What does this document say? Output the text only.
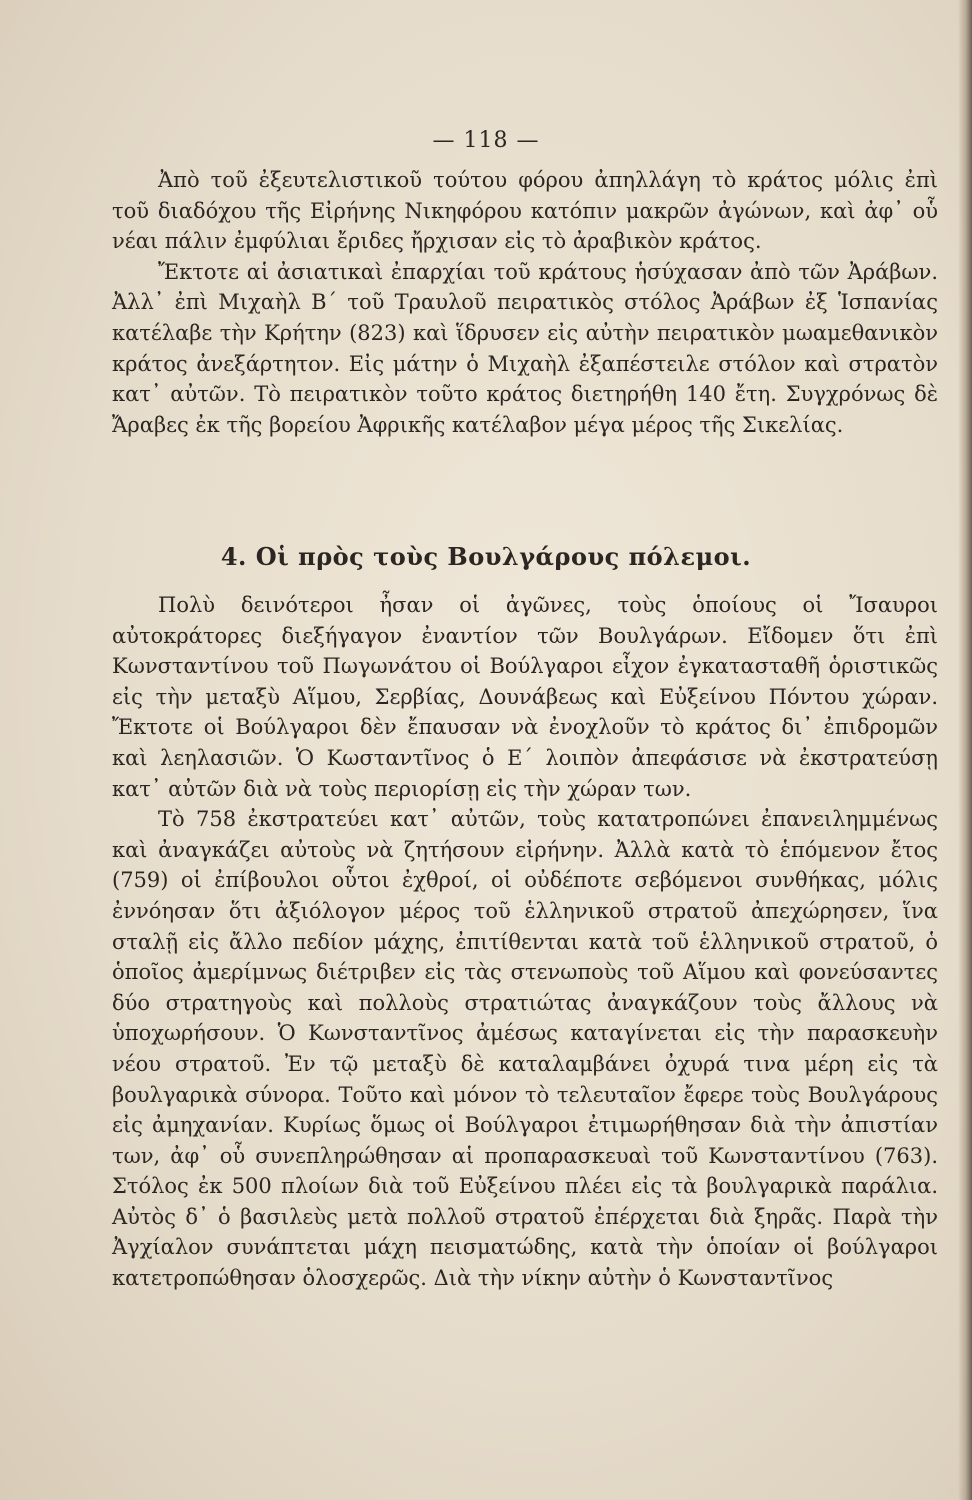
— 118 —

Ἀπὸ τοῦ ἐξευτελιστικοῦ τούτου φόρου ἀπηλλάγη τὸ κράτος μόλις ἐπὶ τοῦ διαδόχου τῆς Εἰρήνης Νικηφόρου κατόπιν μακρῶν ἀγώνων, καὶ ἀφ᾿ οὗ νέαι πάλιν ἐμφύλιαι ἔριδες ἤρχισαν εἰς τὸ ἀραβικὸν κράτος.

Ἔκτοτε αἱ ἀσιατικαὶ ἐπαρχίαι τοῦ κράτους ἡσύχασαν ἀπὸ τῶν Ἀράβων. Ἀλλ᾿ ἐπὶ Μιχαὴλ Β΄ τοῦ Τραυλοῦ πειρατικὸς στόλος Ἀράβων ἐξ Ἱσπανίας κατέλαβε τὴν Κρήτην (823) καὶ ἵδρυσεν εἰς αὐτὴν πειρατικὸν μωαμεθανικὸν κράτος ἀνεξάρτητον. Εἰς μάτην ὁ Μιχαὴλ ἐξαπέστειλε στόλον καὶ στρατὸν κατ᾿ αὐτῶν. Τὸ πειρατικὸν τοῦτο κράτος διετηρήθη 140 ἔτη. Συγχρόνως δὲ Ἄραβες ἐκ τῆς βορείου Ἀφρικῆς κατέλαβον μέγα μέρος τῆς Σικελίας.

4. Οἱ πρὸς τοὺς Βουλγάρους πόλεμοι.

Πολὺ δεινότεροι ἦσαν οἱ ἀγῶνες, τοὺς ὁποίους οἱ Ἴσαυροι αὐτοκράτορες διεξήγαγον ἐναντίον τῶν Βουλγάρων. Εἴδομεν ὅτι ἐπὶ Κωνσταντίνου τοῦ Πωγωνάτου οἱ Βούλγαροι εἶχον ἐγκατασταθῆ ὁριστικῶς εἰς τὴν μεταξὺ Αἵμου, Σερβίας, Δουνάβεως καὶ Εὐξείνου Πόντου χώραν. Ἔκτοτε οἱ Βούλγαροι δὲν ἔπαυσαν νὰ ἐνοχλοῦν τὸ κράτος δι᾿ ἐπιδρομῶν καὶ λεηλασιῶν. Ὁ Κωσταντῖνος ὁ Ε΄ λοιπὸν ἀπεφάσισε νὰ ἐκστρατεύσῃ κατ᾿ αὐτῶν διὰ νὰ τοὺς περιορίσῃ εἰς τὴν χώραν των.

Τὸ 758 ἐκστρατεύει κατ᾿ αὐτῶν, τοὺς κατατροπώνει ἐπανειλημμένως καὶ ἀναγκάζει αὐτοὺς νὰ ζητήσουν εἰρήνην. Ἀλλὰ κατὰ τὸ ἑπόμενον ἔτος (759) οἱ ἐπίβουλοι οὗτοι ἐχθροί, οἱ οὐδέποτε σεβόμενοι συνθήκας, μόλις ἐννόησαν ὅτι ἀξιόλογον μέρος τοῦ ἑλληνικοῦ στρατοῦ ἀπεχώρησεν, ἵνα σταλῇ εἰς ἄλλο πεδίον μάχης, ἐπιτίθενται κατὰ τοῦ ἑλληνικοῦ στρατοῦ, ὁ ὁποῖος ἀμερίμνως διέτριβεν εἰς τὰς στενωποὺς τοῦ Αἵμου καὶ φονεύσαντες δύο στρατηγοὺς καὶ πολλοὺς στρατιώτας ἀναγκάζουν τοὺς ἄλλους νὰ ὑποχωρήσουν. Ὁ Κωνσταντῖνος ἀμέσως καταγίνεται εἰς τὴν παρασκευὴν νέου στρατοῦ. Ἐν τῷ μεταξὺ δὲ καταλαμβάνει ὀχυρά τινα μέρη εἰς τὰ βουλγαρικὰ σύνορα. Τοῦτο καὶ μόνον τὸ τελευταῖον ἔφερε τοὺς Βουλγάρους εἰς ἀμηχανίαν. Κυρίως ὅμως οἱ Βούλγαροι ἐτιμωρήθησαν διὰ τὴν ἀπιστίαν των, ἀφ᾿ οὗ συνεπληρώθησαν αἱ προπαρασκευαὶ τοῦ Κωνσταντίνου (763). Στόλος ἐκ 500 πλοίων διὰ τοῦ Εὐξείνου πλέει εἰς τὰ βουλγαρικὰ παράλια. Αὐτὸς δ᾿ ὁ βασιλεὺς μετὰ πολλοῦ στρατοῦ ἐπέρχεται διὰ ξηρᾶς. Παρὰ τὴν Ἀγχίαλον συνάπτεται μάχη πεισματώδης, κατὰ τὴν ὁποίαν οἱ βούλγαροι κατετροπώθησαν ὁλοσχερῶς. Διὰ τὴν νίκην αὐτὴν ὁ Κωνσταντῖνος
